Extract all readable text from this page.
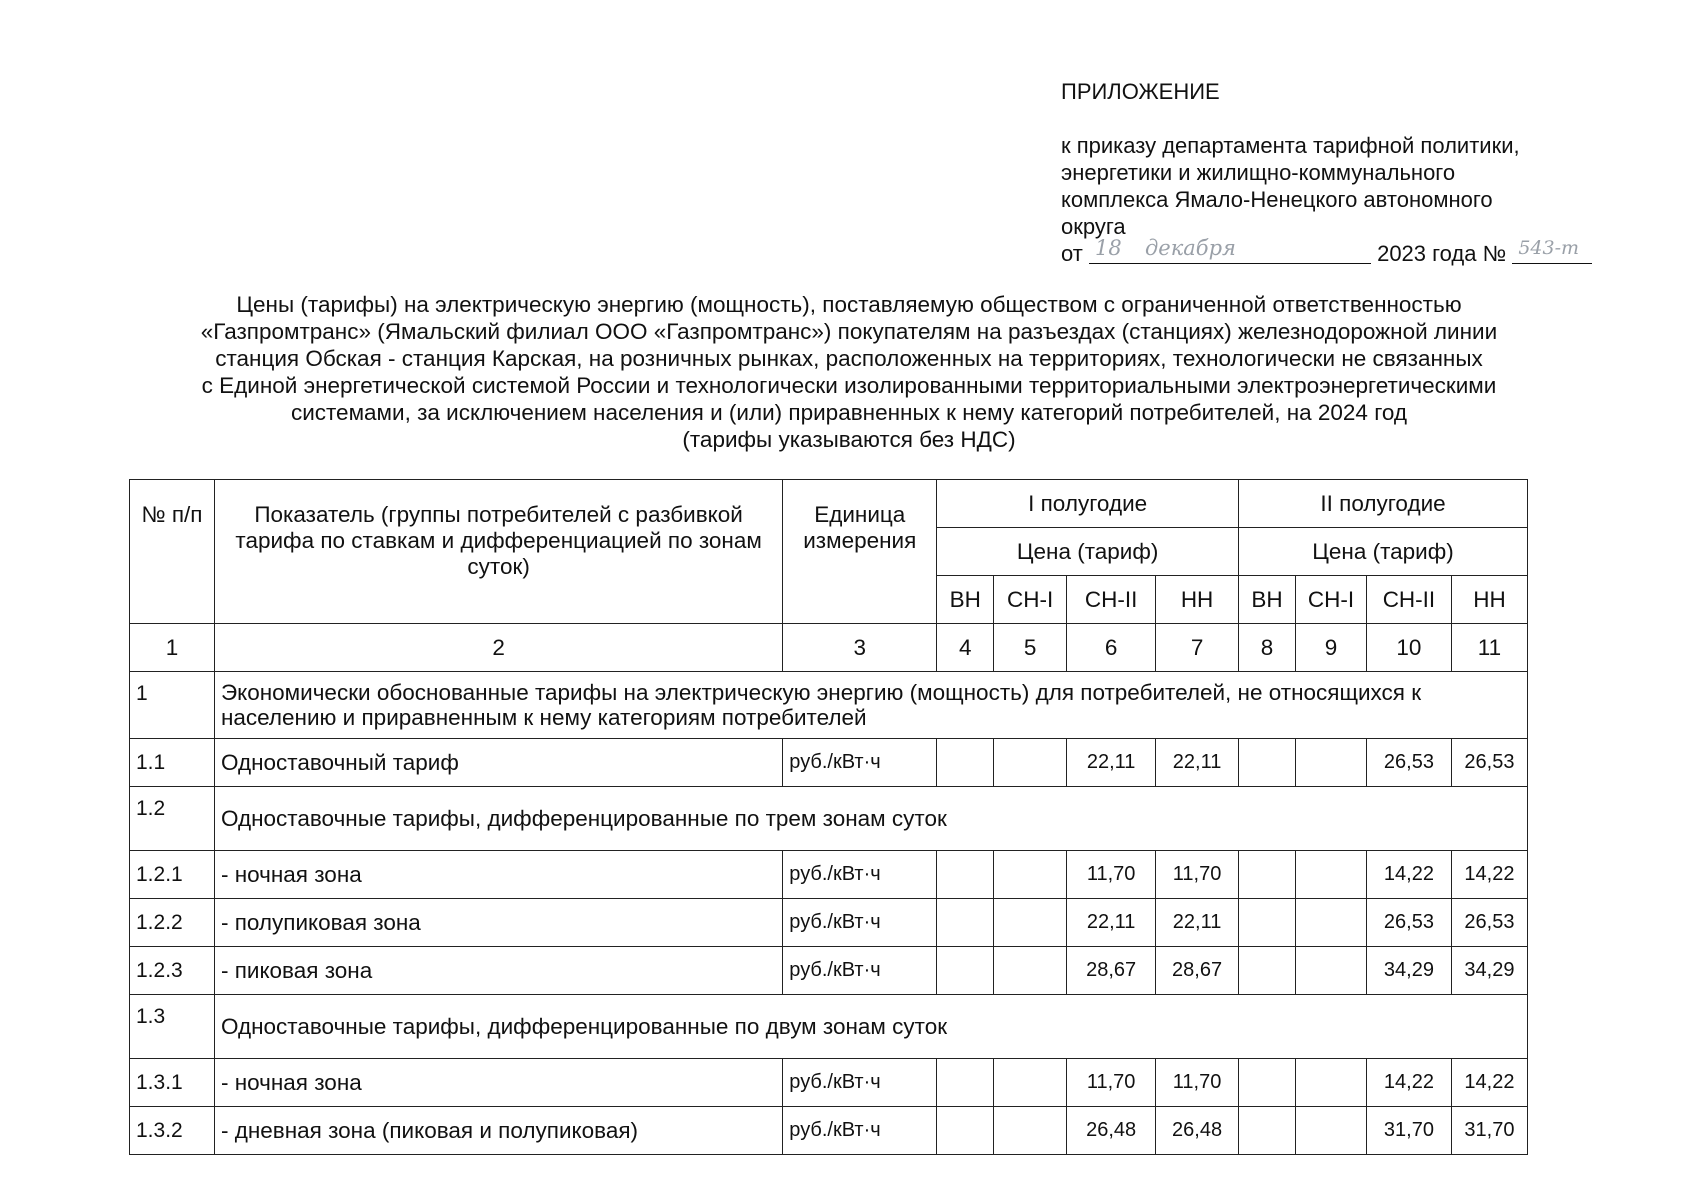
ПРИЛОЖЕНИЕ
к приказу департамента тарифной политики,
энергетики и жилищно-коммунального
комплекса Ямало-Ненецкого автономного
округа
от 18 декабря	2023 года № 543-т
Цены (тарифы) на электрическую энергию (мощность), поставляемую обществом с ограниченной ответственностью
«Газпромтранс» (Ямальский филиал ООО «Газпромтранс») покупателям на разъездах (станциях) железнодорожной линии
станция Обская - станция Карская, на розничных рынках, расположенных на территориях, технологически не связанных
с Единой энергетической системой России и технологически изолированными территориальными электроэнергетическими
системами, за исключением населения и (или) приравненных к нему категорий потребителей, на 2024 год
(тарифы указываются без НДС)
№ п/п	Показатель (группы потребителей с разбивкой тарифа по ставкам и дифференциацией по зонам суток)	Единица измерения	I полугодие				II полугодие			
			Цена (тариф)				Цена (тариф)			
			ВН	СН-I	СН-II	НН	ВН	СН-I	СН-II	НН
1	2	3	4	5	6	7	8	9	10	11
1	Экономически обоснованные тарифы на электрическую энергию (мощность) для потребителей, не относящихся к населению и приравненным к нему категориям потребителей									
1.1	Одноставочный тариф	руб./кВт·ч			22,11	22,11			26,53	26,53
1.2	Одноставочные тарифы, дифференцированные по трем зонам суток									
1.2.1	- ночная зона	руб./кВт·ч			11,70	11,70			14,22	14,22
1.2.2	- полупиковая зона	руб./кВт·ч			22,11	22,11			26,53	26,53
1.2.3	- пиковая зона	руб./кВт·ч			28,67	28,67			34,29	34,29
1.3	Одноставочные тарифы, дифференцированные по двум зонам суток									
1.3.1	- ночная зона	руб./кВт·ч			11,70	11,70			14,22	14,22
1.3.2	- дневная зона (пиковая и полупиковая)	руб./кВт·ч			26,48	26,48			31,70	31,70
